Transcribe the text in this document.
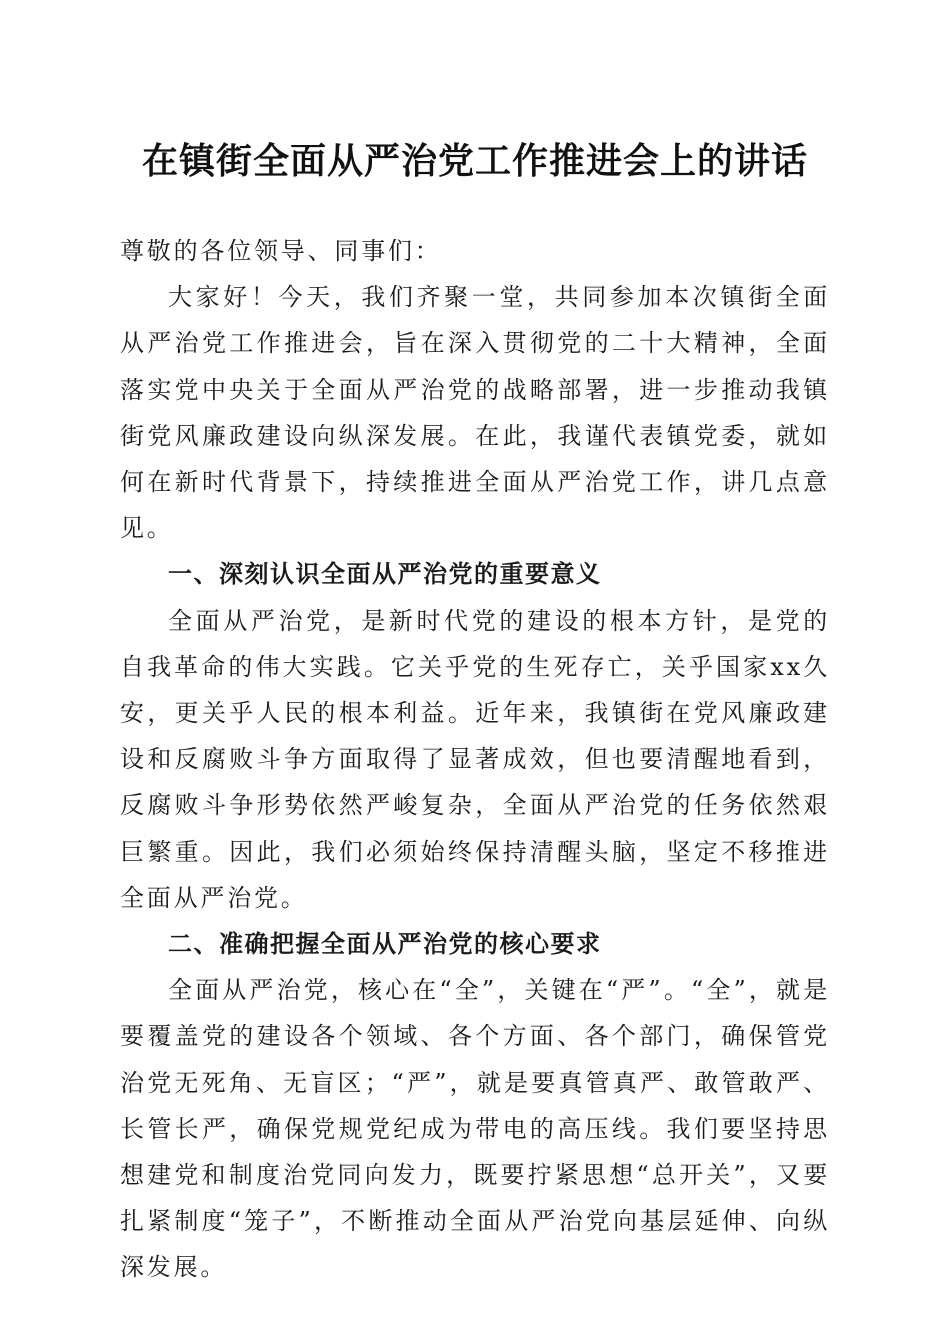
在镇街全面从严治党工作推进会上的讲话

尊敬的各位领导、同事们：

大家好！今天，我们齐聚一堂，共同参加本次镇街全面从严治党工作推进会，旨在深入贯彻党的二十大精神，全面落实党中央关于全面从严治党的战略部署，进一步推动我镇街党风廉政建设向纵深发展。在此，我谨代表镇党委，就如何在新时代背景下，持续推进全面从严治党工作，讲几点意见。

一、深刻认识全面从严治党的重要意义

全面从严治党，是新时代党的建设的根本方针，是党的自我革命的伟大实践。它关乎党的生死存亡，关乎国家xx久安，更关乎人民的根本利益。近年来，我镇街在党风廉政建设和反腐败斗争方面取得了显著成效，但也要清醒地看到，反腐败斗争形势依然严峻复杂，全面从严治党的任务依然艰巨繁重。因此，我们必须始终保持清醒头脑，坚定不移推进全面从严治党。

二、准确把握全面从严治党的核心要求

全面从严治党，核心在“全”，关键在“严”。“全”，就是要覆盖党的建设各个领域、各个方面、各个部门，确保管党治党无死角、无盲区；“严”，就是要真管真严、敢管敢严、长管长严，确保党规党纪成为带电的高压线。我们要坚持思想建党和制度治党同向发力，既要拧紧思想“总开关”，又要扎紧制度“笼子”，不断推动全面从严治党向基层延伸、向纵深发展。
